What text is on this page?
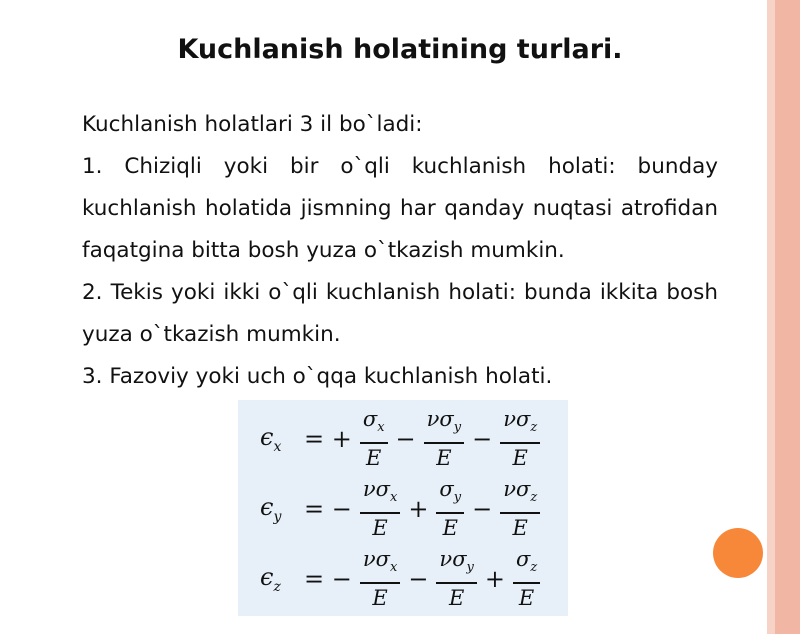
Kuchlanish holatining turlari.

Kuchlanish holatlari 3 il bo`ladi:

1. Chiziqli yoki bir o`qli kuchlanish holati: bunday kuchlanish holatida jismning har qanday nuqtasi atrofidan faqatgina bitta bosh yuza o`tkazish mumkin.

2. Tekis yoki ikki o`qli kuchlanish holati: bunda ikkita bosh yuza o`tkazish mumkin.

3. Fazoviy yoki uch o`qqa kuchlanish holati.

$\epsilon_x$ = + $\frac{\sigma_x}{E} - \frac{\nu\sigma_y}{E} - \frac{\nu\sigma_z}{E}$
$\epsilon_y$ = − $\frac{\nu\sigma_x}{E} + \frac{\sigma_y}{E} - \frac{\nu\sigma_z}{E}$
$\epsilon_z$ = − $\frac{\nu\sigma_x}{E} - \frac{\nu\sigma_y}{E} + \frac{\sigma_z}{E}$
